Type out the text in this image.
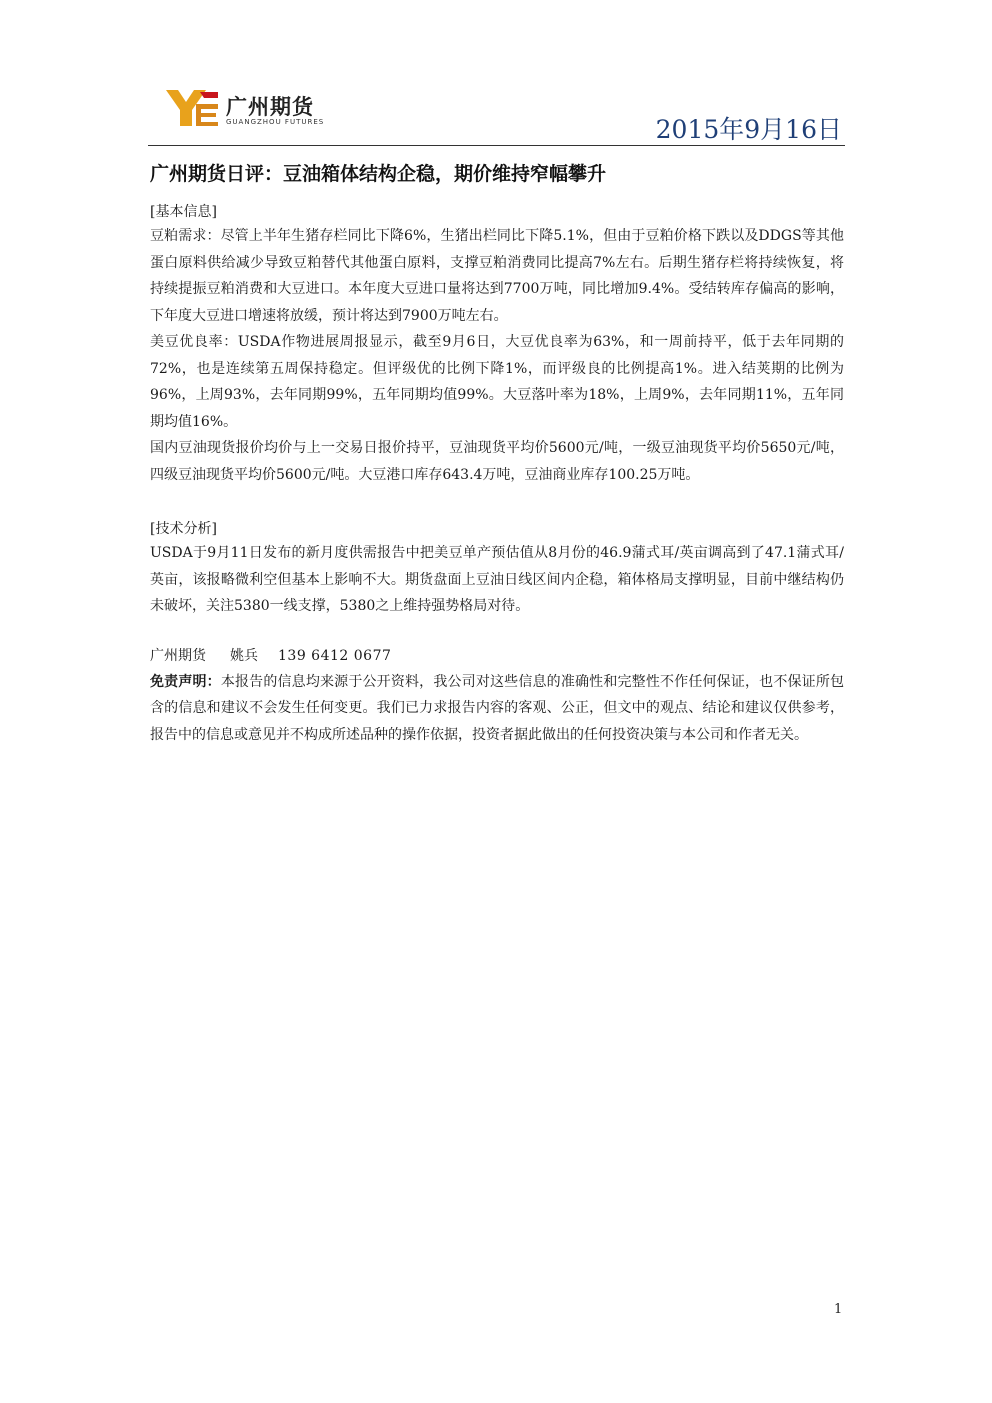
广州期货
GUANGZHOU FUTURES	2015年9月16日
广州期货日评：豆油箱体结构企稳，期价维持窄幅攀升
[基本信息]

豆粕需求：尽管上半年生猪存栏同比下降6%，生猪出栏同比下降5.1%，但由于豆粕价格下跌以及DDGS等其他蛋白原料供给减少导致豆粕替代其他蛋白原料，支撑豆粕消费同比提高7%左右。后期生猪存栏将持续恢复，将持续提振豆粕消费和大豆进口。本年度大豆进口量将达到7700万吨，同比增加9.4%。受结转库存偏高的影响，下年度大豆进口增速将放缓，预计将达到7900万吨左右。

美豆优良率：USDA作物进展周报显示，截至9月6日，大豆优良率为63%，和一周前持平，低于去年同期的72%，也是连续第五周保持稳定。但评级优的比例下降1%，而评级良的比例提高1%。进入结荚期的比例为96%，上周93%，去年同期99%，五年同期均值99%。大豆落叶率为18%，上周9%，去年同期11%，五年同期均值16%。

国内豆油现货报价均价与上一交易日报价持平，豆油现货平均价5600元/吨，一级豆油现货平均价5650元/吨，四级豆油现货平均价5600元/吨。大豆港口库存643.4万吨，豆油商业库存100.25万吨。

[技术分析]

USDA于9月11日发布的新月度供需报告中把美豆单产预估值从8月份的46.9蒲式耳/英亩调高到了47.1蒲式耳/英亩，该报略微利空但基本上影响不大。期货盘面上豆油日线区间内企稳，箱体格局支撑明显，目前中继结构仍未破坏，关注5380一线支撑，5380之上维持强势格局对待。

广州期货 姚兵 139 6412 0677

免责声明：本报告的信息均来源于公开资料，我公司对这些信息的准确性和完整性不作任何保证，也不保证所包含的信息和建议不会发生任何变更。我们已力求报告内容的客观、公正，但文中的观点、结论和建议仅供参考，报告中的信息或意见并不构成所述品种的操作依据，投资者据此做出的任何投资决策与本公司和作者无关。

1
